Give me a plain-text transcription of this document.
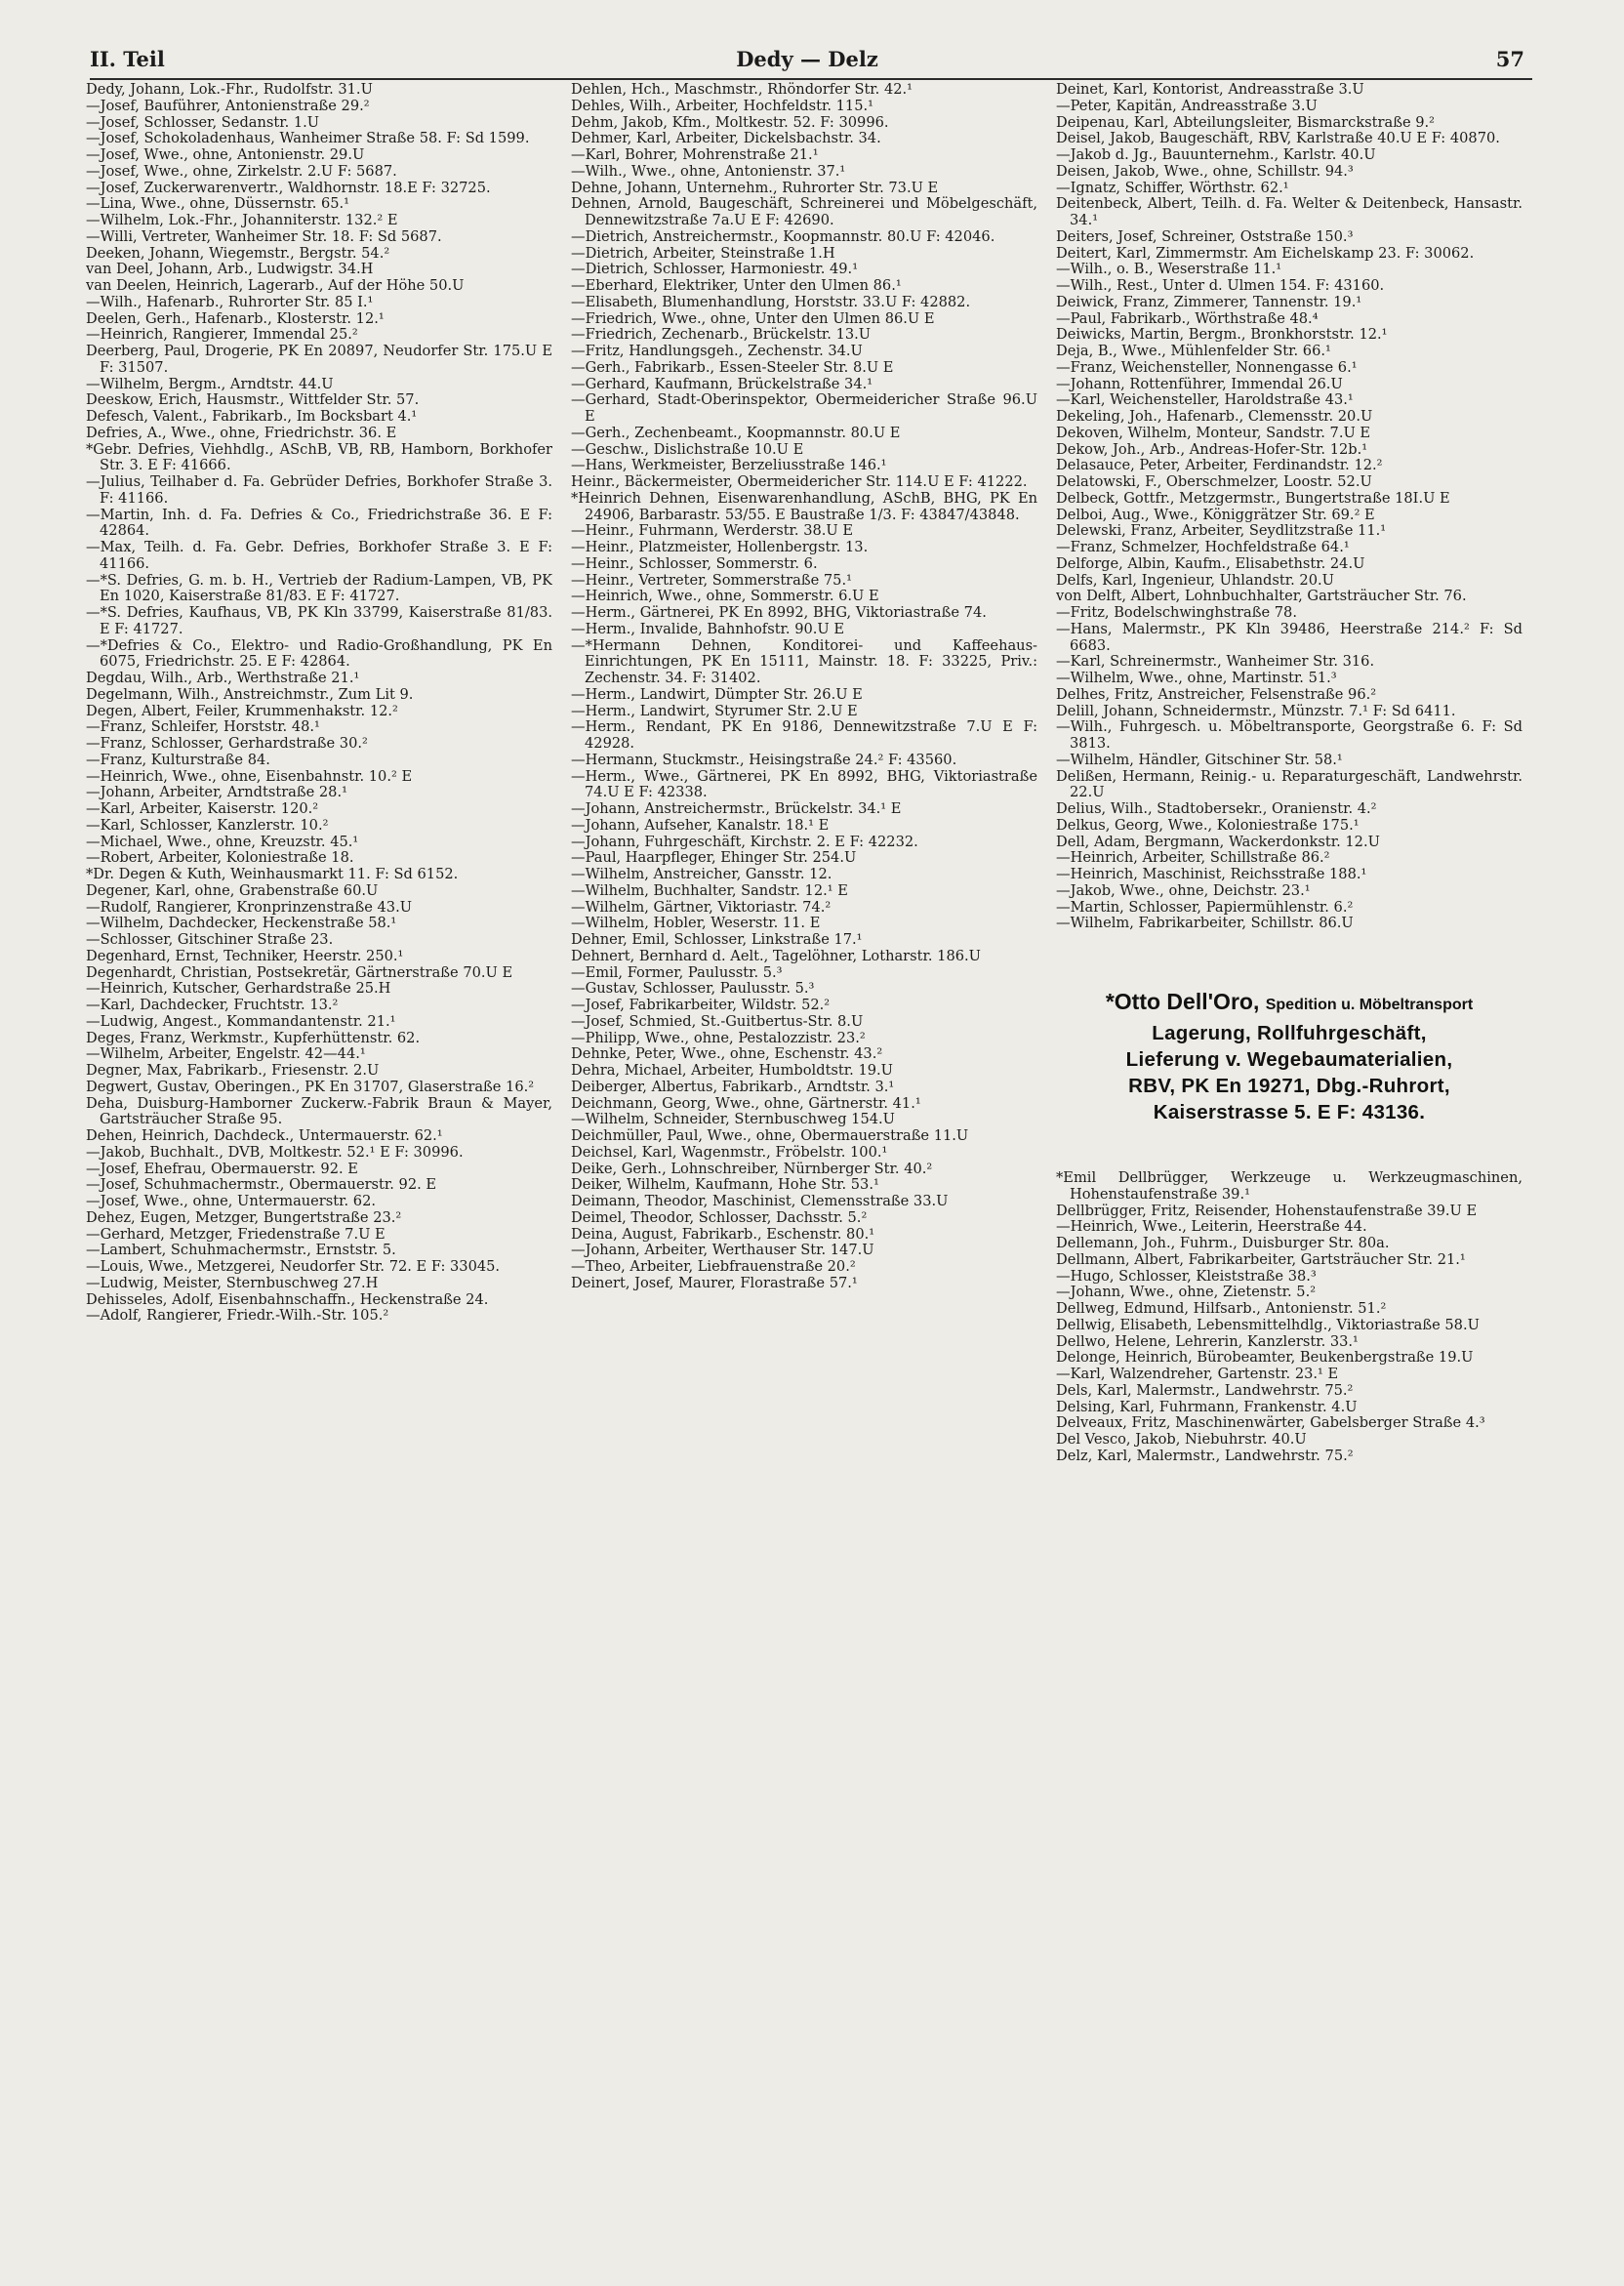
II. Teil	Dedy — Delz	57

Dedy, Johann, Lok.-Fhr., Rudolfstr. 31.U

—Josef, Bauführer, Antonienstraße 29.²

—Josef, Schlosser, Sedanstr. 1.U

—Josef, Schokoladenhaus, Wanheimer Straße 58. F: Sd 1599.

—Josef, Wwe., ohne, Antonienstr. 29.U

—Josef, Wwe., ohne, Zirkelstr. 2.U F: 5687.

—Josef, Zuckerwarenvertr., Waldhornstr. 18.E F: 32725.

—Lina, Wwe., ohne, Düssernstr. 65.¹

—Wilhelm, Lok.-Fhr., Johanniterstr. 132.² E

—Willi, Vertreter, Wanheimer Str. 18. F: Sd 5687.

Deeken, Johann, Wiegemstr., Bergstr. 54.²

van Deel, Johann, Arb., Ludwigstr. 34.H

van Deelen, Heinrich, Lagerarb., Auf der Höhe 50.U

—Wilh., Hafenarb., Ruhrorter Str. 85 I.¹

Deelen, Gerh., Hafenarb., Klosterstr. 12.¹

—Heinrich, Rangierer, Immendal 25.²

Deerberg, Paul, Drogerie, PK En 20897, Neudorfer Str. 175.U E F: 31507.

—Wilhelm, Bergm., Arndtstr. 44.U

Deeskow, Erich, Hausmstr., Wittfelder Str. 57.

Defesch, Valent., Fabrikarb., Im Bocksbart 4.¹

Defries, A., Wwe., ohne, Friedrichstr. 36. E

*Gebr. Defries, Viehhdlg., ASchB, VB, RB, Hamborn, Borkhofer Str. 3. E F: 41666.

—Julius, Teilhaber d. Fa. Gebrüder Defries, Borkhofer Straße 3. F: 41166.

—Martin, Inh. d. Fa. Defries & Co., Friedrichstraße 36. E F: 42864.

—Max, Teilh. d. Fa. Gebr. Defries, Borkhofer Straße 3. E F: 41166.

—*S. Defries, G. m. b. H., Vertrieb der Radium-Lampen, VB, PK En 1020, Kaiserstraße 81/83. E F: 41727.

—*S. Defries, Kaufhaus, VB, PK Kln 33799, Kaiserstraße 81/83. E F: 41727.

—*Defries & Co., Elektro- und Radio-Großhandlung, PK En 6075, Friedrichstr. 25. E F: 42864.

Degdau, Wilh., Arb., Werthstraße 21.¹

Degelmann, Wilh., Anstreichmstr., Zum Lit 9.

Degen, Albert, Feiler, Krummenhakstr. 12.²

—Franz, Schleifer, Horststr. 48.¹

—Franz, Schlosser, Gerhardstraße 30.²

—Franz, Kulturstraße 84.

—Heinrich, Wwe., ohne, Eisenbahnstr. 10.² E

—Johann, Arbeiter, Arndtstraße 28.¹

—Karl, Arbeiter, Kaiserstr. 120.²

—Karl, Schlosser, Kanzlerstr. 10.²

—Michael, Wwe., ohne, Kreuzstr. 45.¹

—Robert, Arbeiter, Koloniestraße 18.

*Dr. Degen & Kuth, Weinhausmarkt 11. F: Sd 6152.

Degener, Karl, ohne, Grabenstraße 60.U

—Rudolf, Rangierer, Kronprinzenstraße 43.U

—Wilhelm, Dachdecker, Heckenstraße 58.¹

—Schlosser, Gitschiner Straße 23.

Degenhard, Ernst, Techniker, Heerstr. 250.¹

Degenhardt, Christian, Postsekretär, Gärtnerstraße 70.U E

—Heinrich, Kutscher, Gerhardstraße 25.H

—Karl, Dachdecker, Fruchtstr. 13.²

—Ludwig, Angest., Kommandantenstr. 21.¹

Deges, Franz, Werkmstr., Kupferhüttenstr. 62.

—Wilhelm, Arbeiter, Engelstr. 42—44.¹

Degner, Max, Fabrikarb., Friesenstr. 2.U

Degwert, Gustav, Oberingen., PK En 31707, Glaserstraße 16.²

Deha, Duisburg-Hamborner Zuckerw.-Fabrik Braun & Mayer, Gartsträucher Straße 95.

Dehen, Heinrich, Dachdeck., Untermauerstr. 62.¹

—Jakob, Buchhalt., DVB, Moltkestr. 52.¹ E F: 30996.

—Josef, Ehefrau, Obermauerstr. 92. E

—Josef, Schuhmachermstr., Obermauerstr. 92. E

—Josef, Wwe., ohne, Untermauerstr. 62.

Dehez, Eugen, Metzger, Bungertstraße 23.²

—Gerhard, Metzger, Friedenstraße 7.U E

—Lambert, Schuhmachermstr., Ernststr. 5.

—Louis, Wwe., Metzgerei, Neudorfer Str. 72. E F: 33045.

—Ludwig, Meister, Sternbuschweg 27.H

Dehisseles, Adolf, Eisenbahnschaffn., Heckenstraße 24.

—Adolf, Rangierer, Friedr.-Wilh.-Str. 105.²

Dehlen, Hch., Maschmstr., Rhöndorfer Str. 42.¹

Dehles, Wilh., Arbeiter, Hochfeldstr. 115.¹

Dehm, Jakob, Kfm., Moltkestr. 52. F: 30996.

Dehmer, Karl, Arbeiter, Dickelsbachstr. 34.

—Karl, Bohrer, Mohrenstraße 21.¹

—Wilh., Wwe., ohne, Antonienstr. 37.¹

Dehne, Johann, Unternehm., Ruhrorter Str. 73.U E

Dehnen, Arnold, Baugeschäft, Schreinerei und Möbelgeschäft, Dennewitzstraße 7a.U E F: 42690.

—Dietrich, Anstreichermstr., Koopmannstr. 80.U F: 42046.

—Dietrich, Arbeiter, Steinstraße 1.H

—Dietrich, Schlosser, Harmoniestr. 49.¹

—Eberhard, Elektriker, Unter den Ulmen 86.¹

—Elisabeth, Blumenhandlung, Horststr. 33.U F: 42882.

—Friedrich, Wwe., ohne, Unter den Ulmen 86.U E

—Friedrich, Zechenarb., Brückelstr. 13.U

—Fritz, Handlungsgeh., Zechenstr. 34.U

—Gerh., Fabrikarb., Essen-Steeler Str. 8.U E

—Gerhard, Kaufmann, Brückelstraße 34.¹

—Gerhard, Stadt-Oberinspektor, Obermeidericher Straße 96.U E

—Gerh., Zechenbeamt., Koopmannstr. 80.U E

—Geschw., Dislichstraße 10.U E

—Hans, Werkmeister, Berzeliusstraße 146.¹

Heinr., Bäckermeister, Obermeidericher Str. 114.U E F: 41222.

*Heinrich Dehnen, Eisenwarenhandlung, ASchB, BHG, PK En 24906, Barbarastr. 53/55. E Baustraße 1/3. F: 43847/43848.

—Heinr., Fuhrmann, Werderstr. 38.U E

—Heinr., Platzmeister, Hollenbergstr. 13.

—Heinr., Schlosser, Sommerstr. 6.

—Heinr., Vertreter, Sommerstraße 75.¹

—Heinrich, Wwe., ohne, Sommerstr. 6.U E

—Herm., Gärtnerei, PK En 8992, BHG, Viktoriastraße 74.

—Herm., Invalide, Bahnhofstr. 90.U E

—*Hermann Dehnen, Konditorei- und Kaffeehaus-Einrichtungen, PK En 15111, Mainstr. 18. F: 33225, Priv.: Zechenstr. 34. F: 31402.

—Herm., Landwirt, Dümpter Str. 26.U E

—Herm., Landwirt, Styrumer Str. 2.U E

—Herm., Rendant, PK En 9186, Dennewitzstraße 7.U E F: 42928.

—Hermann, Stuckmstr., Heisingstraße 24.² F: 43560.

—Herm., Wwe., Gärtnerei, PK En 8992, BHG, Viktoriastraße 74.U E F: 42338.

—Johann, Anstreichermstr., Brückelstr. 34.¹ E

—Johann, Aufseher, Kanalstr. 18.¹ E

—Johann, Fuhrgeschäft, Kirchstr. 2. E F: 42232.

—Paul, Haarpfleger, Ehinger Str. 254.U

—Wilhelm, Anstreicher, Gansstr. 12.

—Wilhelm, Buchhalter, Sandstr. 12.¹ E

—Wilhelm, Gärtner, Viktoriastr. 74.²

—Wilhelm, Hobler, Weserstr. 11. E

Dehner, Emil, Schlosser, Linkstraße 17.¹

Dehnert, Bernhard d. Aelt., Tagelöhner, Lotharstr. 186.U

—Emil, Former, Paulusstr. 5.³

—Gustav, Schlosser, Paulusstr. 5.³

—Josef, Fabrikarbeiter, Wildstr. 52.²

—Josef, Schmied, St.-Guitbertus-Str. 8.U

—Philipp, Wwe., ohne, Pestalozzistr. 23.²

Dehnke, Peter, Wwe., ohne, Eschenstr. 43.²

Dehra, Michael, Arbeiter, Humboldtstr. 19.U

Deiberger, Albertus, Fabrikarb., Arndtstr. 3.¹

Deichmann, Georg, Wwe., ohne, Gärtnerstr. 41.¹

—Wilhelm, Schneider, Sternbuschweg 154.U

Deichmüller, Paul, Wwe., ohne, Obermauerstraße 11.U

Deichsel, Karl, Wagenmstr., Fröbelstr. 100.¹

Deike, Gerh., Lohnschreiber, Nürnberger Str. 40.²

Deiker, Wilhelm, Kaufmann, Hohe Str. 53.¹

Deimann, Theodor, Maschinist, Clemensstraße 33.U

Deimel, Theodor, Schlosser, Dachsstr. 5.²

Deina, August, Fabrikarb., Eschenstr. 80.¹

—Johann, Arbeiter, Werthauser Str. 147.U

—Theo, Arbeiter, Liebfrauenstraße 20.²

Deinert, Josef, Maurer, Florastraße 57.¹

Deinet, Karl, Kontorist, Andreasstraße 3.U

—Peter, Kapitän, Andreasstraße 3.U

Deipenau, Karl, Abteilungsleiter, Bismarckstraße 9.²

Deisel, Jakob, Baugeschäft, RBV, Karlstraße 40.U E F: 40870.

—Jakob d. Jg., Bauunternehm., Karlstr. 40.U

Deisen, Jakob, Wwe., ohne, Schillstr. 94.³

—Ignatz, Schiffer, Wörthstr. 62.¹

Deitenbeck, Albert, Teilh. d. Fa. Welter & Deitenbeck, Hansastr. 34.¹

Deiters, Josef, Schreiner, Oststraße 150.³

Deitert, Karl, Zimmermstr. Am Eichelskamp 23. F: 30062.

—Wilh., o. B., Weserstraße 11.¹

—Wilh., Rest., Unter d. Ulmen 154. F: 43160.

Deiwick, Franz, Zimmerer, Tannenstr. 19.¹

—Paul, Fabrikarb., Wörthstraße 48.⁴

Deiwicks, Martin, Bergm., Bronkhorststr. 12.¹

Deja, B., Wwe., Mühlenfelder Str. 66.¹

—Franz, Weichensteller, Nonnengasse 6.¹

—Johann, Rottenführer, Immendal 26.U

—Karl, Weichensteller, Haroldstraße 43.¹

Dekeling, Joh., Hafenarb., Clemensstr. 20.U

Dekoven, Wilhelm, Monteur, Sandstr. 7.U E

Dekow, Joh., Arb., Andreas-Hofer-Str. 12b.¹

Delasauce, Peter, Arbeiter, Ferdinandstr. 12.²

Delatowski, F., Oberschmelzer, Loostr. 52.U

Delbeck, Gottfr., Metzgermstr., Bungertstraße 18I.U E

Delboi, Aug., Wwe., Königgrätzer Str. 69.² E

Delewski, Franz, Arbeiter, Seydlitzstraße 11.¹

—Franz, Schmelzer, Hochfeldstraße 64.¹

Delforge, Albin, Kaufm., Elisabethstr. 24.U

Delfs, Karl, Ingenieur, Uhlandstr. 20.U

von Delft, Albert, Lohnbuchhalter, Gartsträucher Str. 76.

—Fritz, Bodelschwinghstraße 78.

—Hans, Malermstr., PK Kln 39486, Heerstraße 214.² F: Sd 6683.

—Karl, Schreinermstr., Wanheimer Str. 316.

—Wilhelm, Wwe., ohne, Martinstr. 51.³

Delhes, Fritz, Anstreicher, Felsenstraße 96.²

Delill, Johann, Schneidermstr., Münzstr. 7.¹ F: Sd 6411.

—Wilh., Fuhrgesch. u. Möbeltransporte, Georgstraße 6. F: Sd 3813.

—Wilhelm, Händler, Gitschiner Str. 58.¹

Delißen, Hermann, Reinig.- u. Reparaturgeschäft, Landwehrstr. 22.U

Delius, Wilh., Stadtobersekr., Oranienstr. 4.²

Delkus, Georg, Wwe., Koloniestraße 175.¹

Dell, Adam, Bergmann, Wackerdonkstr. 12.U

—Heinrich, Arbeiter, Schillstraße 86.²

—Heinrich, Maschinist, Reichsstraße 188.¹

—Jakob, Wwe., ohne, Deichstr. 23.¹

—Martin, Schlosser, Papiermühlenstr. 6.²

—Wilhelm, Fabrikarbeiter, Schillstr. 86.U

*Otto Dell'Oro, Spedition u. Möbeltransport
Lagerung, Rollfuhrgeschäft,
Lieferung v. Wegebaumaterialien,
RBV, PK En 19271, Dbg.-Ruhrort,
Kaiserstrasse 5. E F: 43136.

*Emil Dellbrügger, Werkzeuge u. Werkzeugmaschinen, Hohenstaufenstraße 39.¹

Dellbrügger, Fritz, Reisender, Hohenstaufenstraße 39.U E

—Heinrich, Wwe., Leiterin, Heerstraße 44.

Dellemann, Joh., Fuhrm., Duisburger Str. 80a.

Dellmann, Albert, Fabrikarbeiter, Gartsträucher Str. 21.¹

—Hugo, Schlosser, Kleiststraße 38.³

—Johann, Wwe., ohne, Zietenstr. 5.²

Dellweg, Edmund, Hilfsarb., Antonienstr. 51.²

Dellwig, Elisabeth, Lebensmittelhdlg., Viktoriastraße 58.U

Dellwo, Helene, Lehrerin, Kanzlerstr. 33.¹

Delonge, Heinrich, Bürobeamter, Beukenbergstraße 19.U

—Karl, Walzendreher, Gartenstr. 23.¹ E

Dels, Karl, Malermstr., Landwehrstr. 75.²

Delsing, Karl, Fuhrmann, Frankenstr. 4.U

Delveaux, Fritz, Maschinenwärter, Gabelsberger Straße 4.³

Del Vesco, Jakob, Niebuhrstr. 40.U

Delz, Karl, Malermstr., Landwehrstr. 75.²
